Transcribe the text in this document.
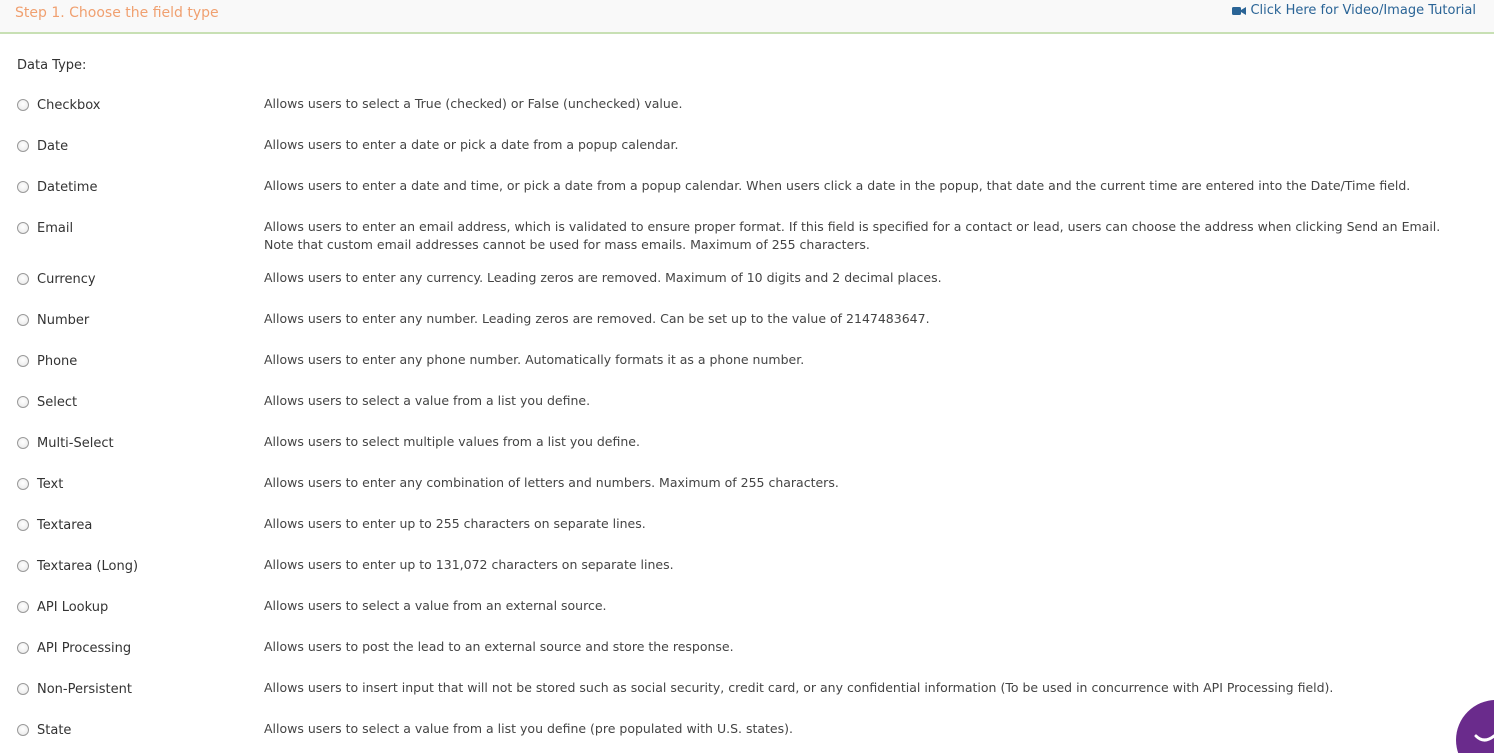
Step 1. Choose the field type	Click Here for Video/Image Tutorial
Data Type:
Checkbox	Allows users to select a True (checked) or False (unchecked) value.
Date	Allows users to enter a date or pick a date from a popup calendar.
Datetime	Allows users to enter a date and time, or pick a date from a popup calendar. When users click a date in the popup, that date and the current time are entered into the Date/Time field.
Email	Allows users to enter an email address, which is validated to ensure proper format. If this field is specified for a contact or lead, users can choose the address when clicking Send an Email. Note that custom email addresses cannot be used for mass emails. Maximum of 255 characters.
Currency	Allows users to enter any currency. Leading zeros are removed. Maximum of 10 digits and 2 decimal places.
Number	Allows users to enter any number. Leading zeros are removed. Can be set up to the value of 2147483647.
Phone	Allows users to enter any phone number. Automatically formats it as a phone number.
Select	Allows users to select a value from a list you define.
Multi-Select	Allows users to select multiple values from a list you define.
Text	Allows users to enter any combination of letters and numbers. Maximum of 255 characters.
Textarea	Allows users to enter up to 255 characters on separate lines.
Textarea (Long)	Allows users to enter up to 131,072 characters on separate lines.
API Lookup	Allows users to select a value from an external source.
API Processing	Allows users to post the lead to an external source and store the response.
Non-Persistent	Allows users to insert input that will not be stored such as social security, credit card, or any confidential information (To be used in concurrence with API Processing field).
State	Allows users to select a value from a list you define (pre populated with U.S. states).
